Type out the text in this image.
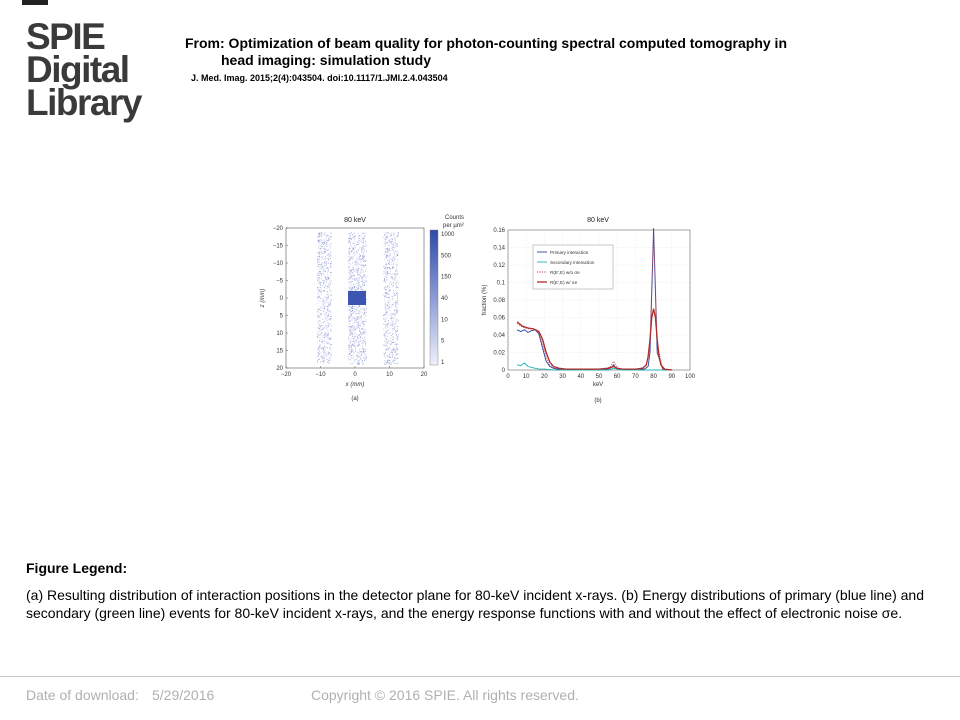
SPIE
Digital
Library
From: Optimization of beam quality for photon-counting spectral computed tomography in
head imaging: simulation study
J. Med. Imag. 2015;2(4):043504. doi:10.1117/1.JMI.2.4.043504
80 keV
−20	−10	0	10	20
−20
−15
−10
−5
0
5
10
15
20
x (mm)
z (mm)
(a)
Counts
per µm²
1000
500
150
40
10
5
1
80 keV
0 10 20 30 40 50 60 70 80 90 100
0
0.02
0.04
0.06
0.08
0.1
0.12
0.14
0.16
keV
fraction (%)
(b)
Primary interaction
Secondary interaction
R(E′,E) w/o σe
R(E′,E) w/ σe
Figure Legend:
(a) Resulting distribution of interaction positions in the detector plane for 80-keV incident x-rays. (b) Energy distributions of primary (blue line) and secondary (green line) events for 80-keV incident x-rays, and the energy response functions with and without the effect of electronic noise σe.
Date of download: 5/29/2016	Copyright © 2016 SPIE. All rights reserved.
